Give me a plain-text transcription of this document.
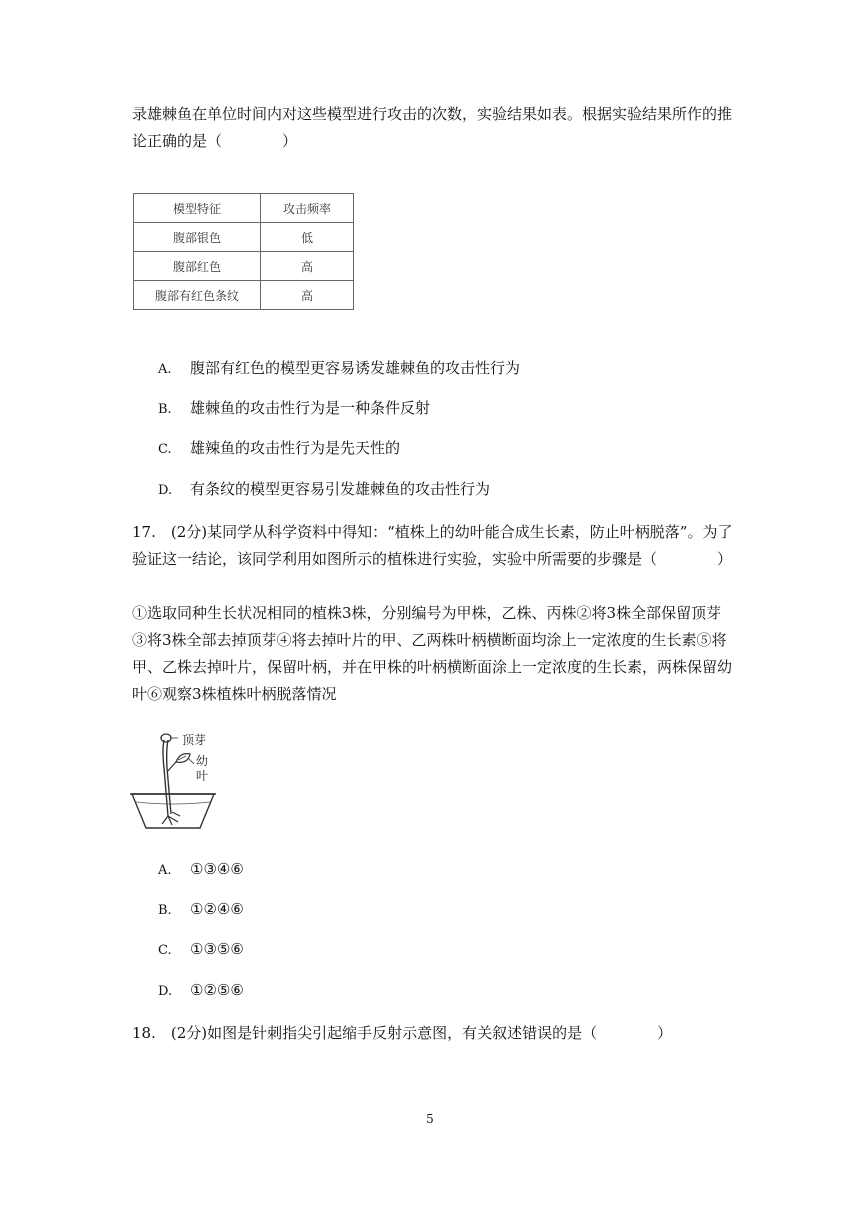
录雄棘鱼在单位时间内对这些模型进行攻击的次数，实验结果如表。根据实验结果所作的推论正确的是（　　　　）

模型特征	攻击频率
腹部银色	低
腹部红色	高
腹部有红色条纹	高
A. 腹部有红色的模型更容易诱发雄棘鱼的攻击性行为
B. 雄棘鱼的攻击性行为是一种条件反射
C. 雄辣鱼的攻击性行为是先天性的
D. 有条纹的模型更容易引发雄棘鱼的攻击性行为

17.　(2分)某同学从科学资料中得知：“植株上的幼叶能合成生长素，防止叶柄脱落”。为了验证这一结论，该同学利用如图所示的植株进行实验，实验中所需要的步骤是（　　　　）

①选取同种生长状况相同的植株3株，分别编号为甲株，乙株、丙株②将3株全部保留顶芽③将3株全部去掉顶芽④将去掉叶片的甲、乙两株叶柄横断面均涂上一定浓度的生长素⑤将甲、乙株去掉叶片，保留叶柄，并在甲株的叶柄横断面涂上一定浓度的生长素，两株保留幼叶⑥观察3株植株叶柄脱落情况

顶芽
幼
叶
A. ①③④⑥
B. ①②④⑥
C. ①③⑤⑥
D. ①②⑤⑥

18.　(2分)如图是针刺指尖引起缩手反射示意图，有关叙述错误的是（　　　　）

5
